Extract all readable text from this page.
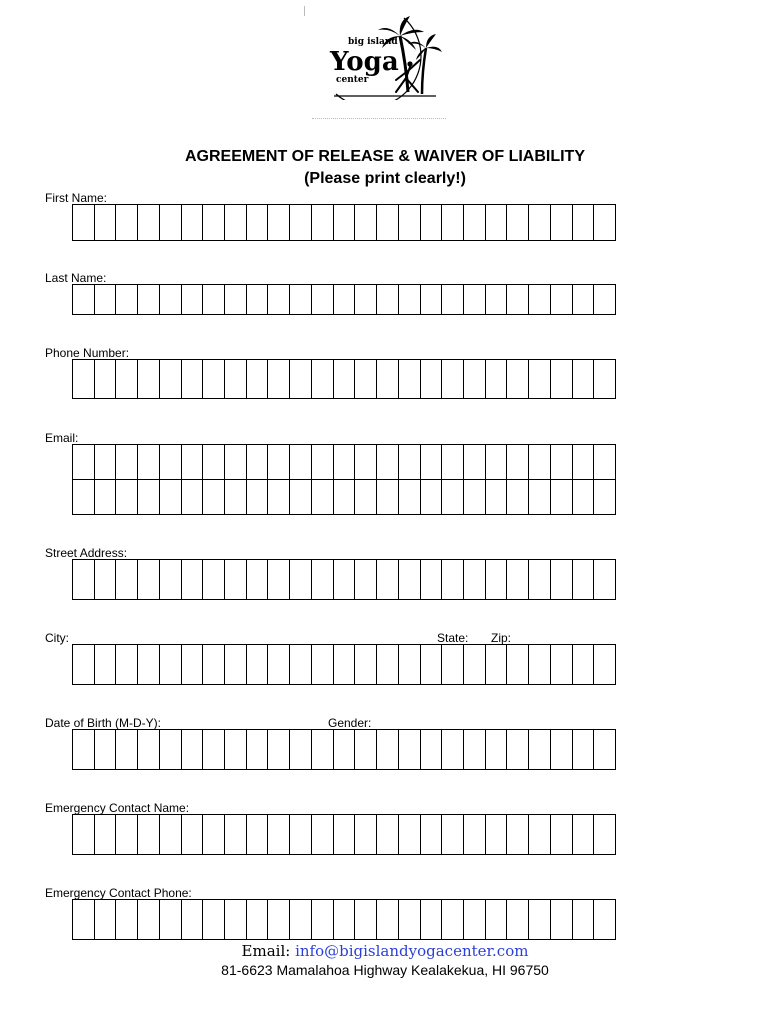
big island
Yoga
center
AGREEMENT OF RELEASE & WAIVER OF LIABILITY
(Please print clearly!)
First Name:
Last Name:
Phone Number:
Email:
Street Address:
City:	State: Zip:
Date of Birth (M-D-Y):	Gender:
Emergency Contact Name:
Emergency Contact Phone:
Email: info@bigislandyogacenter.com
81-6623 Mamalahoa Highway Kealakekua, HI 96750
